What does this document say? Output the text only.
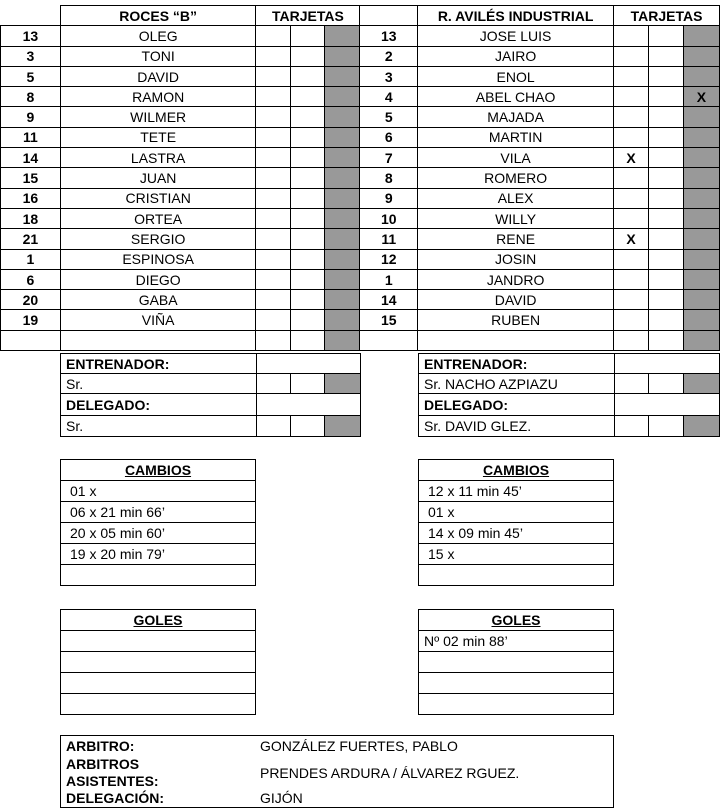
	ROCES “B”	TARJETAS				R. AVILÉS INDUSTRIAL	TARJETAS		
13	OLEG				13	JOSE LUIS			
3	TONI				2	JAIRO			
5	DAVID				3	ENOL			
8	RAMON				4	ABEL CHAO			X
9	WILMER				5	MAJADA			
11	TETE				6	MARTIN			
14	LASTRA				7	VILA	X		
15	JUAN				8	ROMERO			
16	CRISTIAN				9	ALEX			
18	ORTEA				10	WILLY			
21	SERGIO				11	RENE	X		
1	ESPINOSA				12	JOSIN			
6	DIEGO				1	JANDRO			
20	GABA				14	DAVID			
19	VIÑA				15	RUBEN			

ENTRENADOR:			
Sr.			
DELEGADO:			
Sr.			
ENTRENADOR:			
Sr. NACHO AZPIAZU			
DELEGADO:			
Sr. DAVID GLEZ.			
CAMBIOS
01 x
06 x 21 min 66’
20 x 05 min 60’
19 x 20 min 79’

CAMBIOS
12 x 11 min 45’
01 x
14 x 09 min 45’
15 x

GOLES	GOLES
Nº 02 min 88’

ARBITRO:	GONZÁLEZ FUERTES, PABLO

ARBITROS
ASISTENTES:	PRENDES ARDURA / ÁLVAREZ RGUEZ.
DELEGACIÓN:	GIJÓN
